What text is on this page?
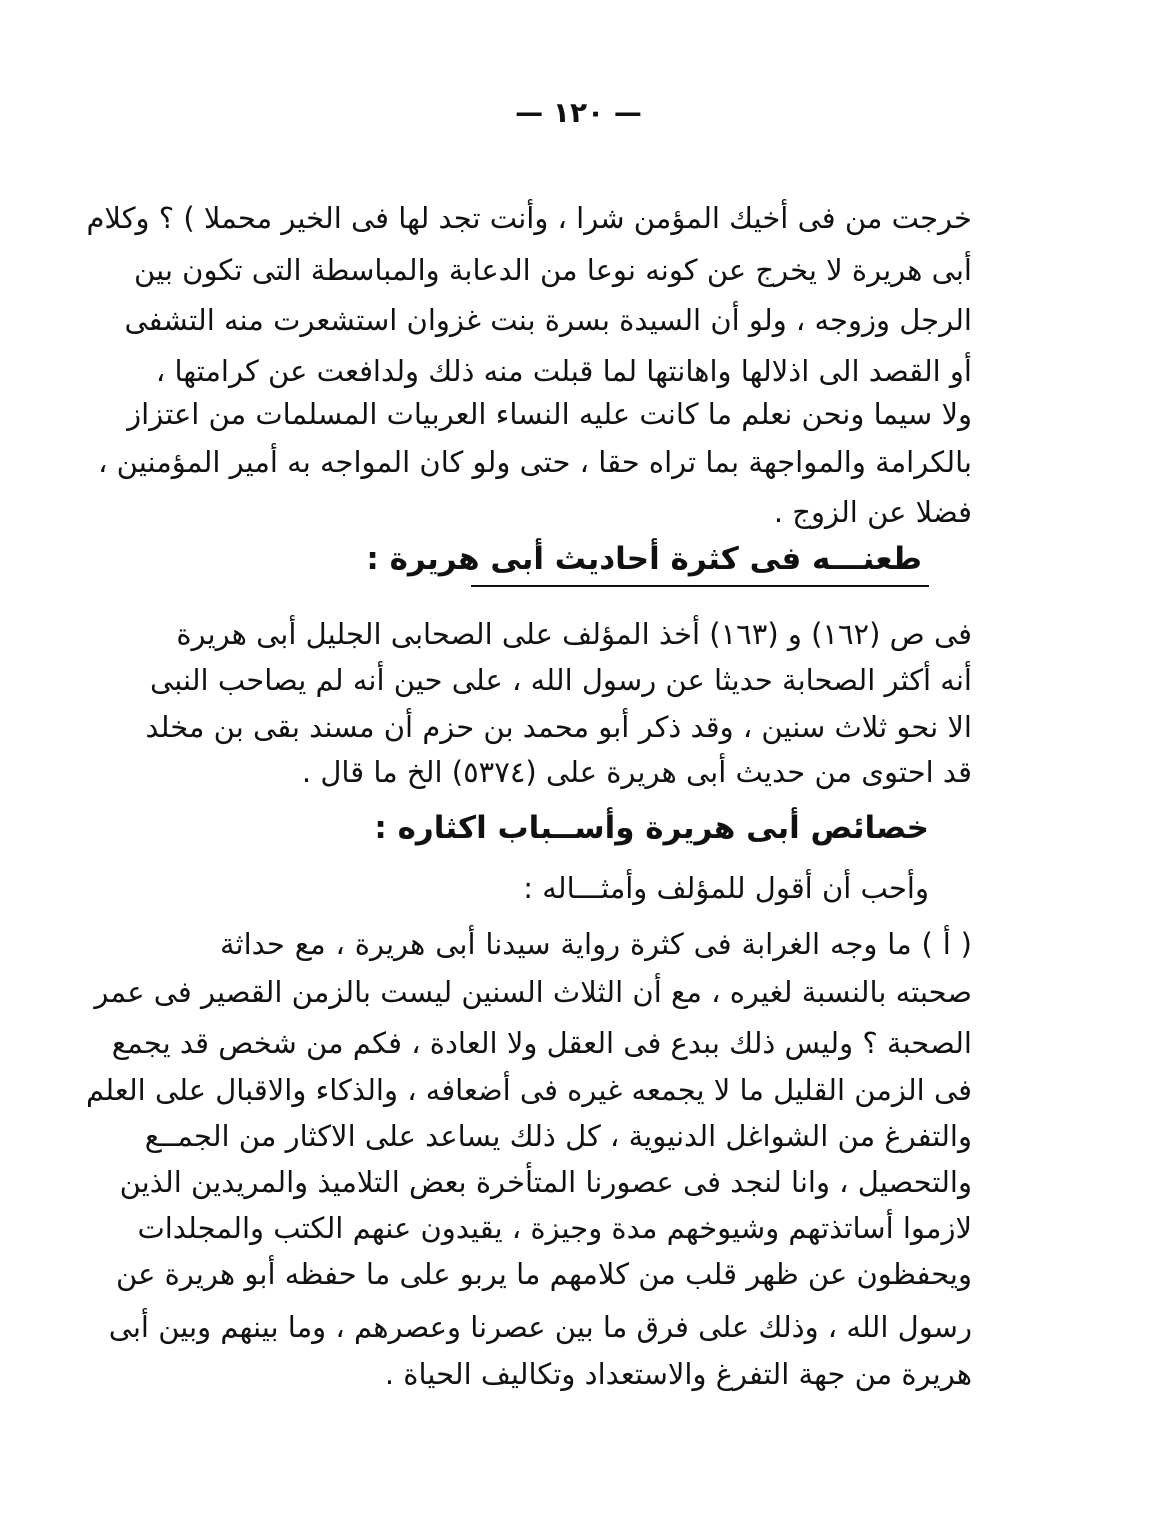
— ١٢٠ —
خرجت من فى أخيك المؤمن شرا ، وأنت تجد لها فى الخير محملا ) ؟ وكلام
أبى هريرة لا يخرج عن كونه نوعا من الدعابة والمباسطة التى تكون بين
الرجل وزوجه ، ولو أن السيدة بسرة بنت غزوان استشعرت منه التشفى
أو القصد الى اذلالها واهانتها لما قبلت منه ذلك ولدافعت عن كرامتها ،
ولا سيما ونحن نعلم ما كانت عليه النساء العربيات المسلمات من اعتزاز
بالكرامة والمواجهة بما تراه حقا ، حتى ولو كان المواجه به أمير المؤمنين ،
فضلا عن الزوج .
طعنـــه فى كثرة أحاديث أبى هريرة :
فى ص (١٦٢) و (١٦٣) أخذ المؤلف على الصحابى الجليل أبى هريرة
أنه أكثر الصحابة حديثا عن رسول الله ، على حين أنه لم يصاحب النبى
الا نحو ثلاث سنين ، وقد ذكر أبو محمد بن حزم أن مسند بقى بن مخلد
قد احتوى من حديث أبى هريرة على (٥٣٧٤) الخ ما قال .
خصائص أبى هريرة وأســباب اكثاره :
وأحب أن أقول للمؤلف وأمثـــاله :
( أ ) ما وجه الغرابة فى كثرة رواية سيدنا أبى هريرة ، مع حداثة
صحبته بالنسبة لغيره ، مع أن الثلاث السنين ليست بالزمن القصير فى عمر
الصحبة ؟ وليس ذلك ببدع فى العقل ولا العادة ، فكم من شخص قد يجمع
فى الزمن القليل ما لا يجمعه غيره فى أضعافه ، والذكاء والاقبال على العلم
والتفرغ من الشواغل الدنيوية ، كل ذلك يساعد على الاكثار من الجمــع
والتحصيل ، وانا لنجد فى عصورنا المتأخرة بعض التلاميذ والمريدين الذين
لازموا أساتذتهم وشيوخهم مدة وجيزة ، يقيدون عنهم الكتب والمجلدات
ويحفظون عن ظهر قلب من كلامهم ما يربو على ما حفظه أبو هريرة عن
رسول الله ، وذلك على فرق ما بين عصرنا وعصرهم ، وما بينهم وبين أبى
هريرة من جهة التفرغ والاستعداد وتكاليف الحياة .
